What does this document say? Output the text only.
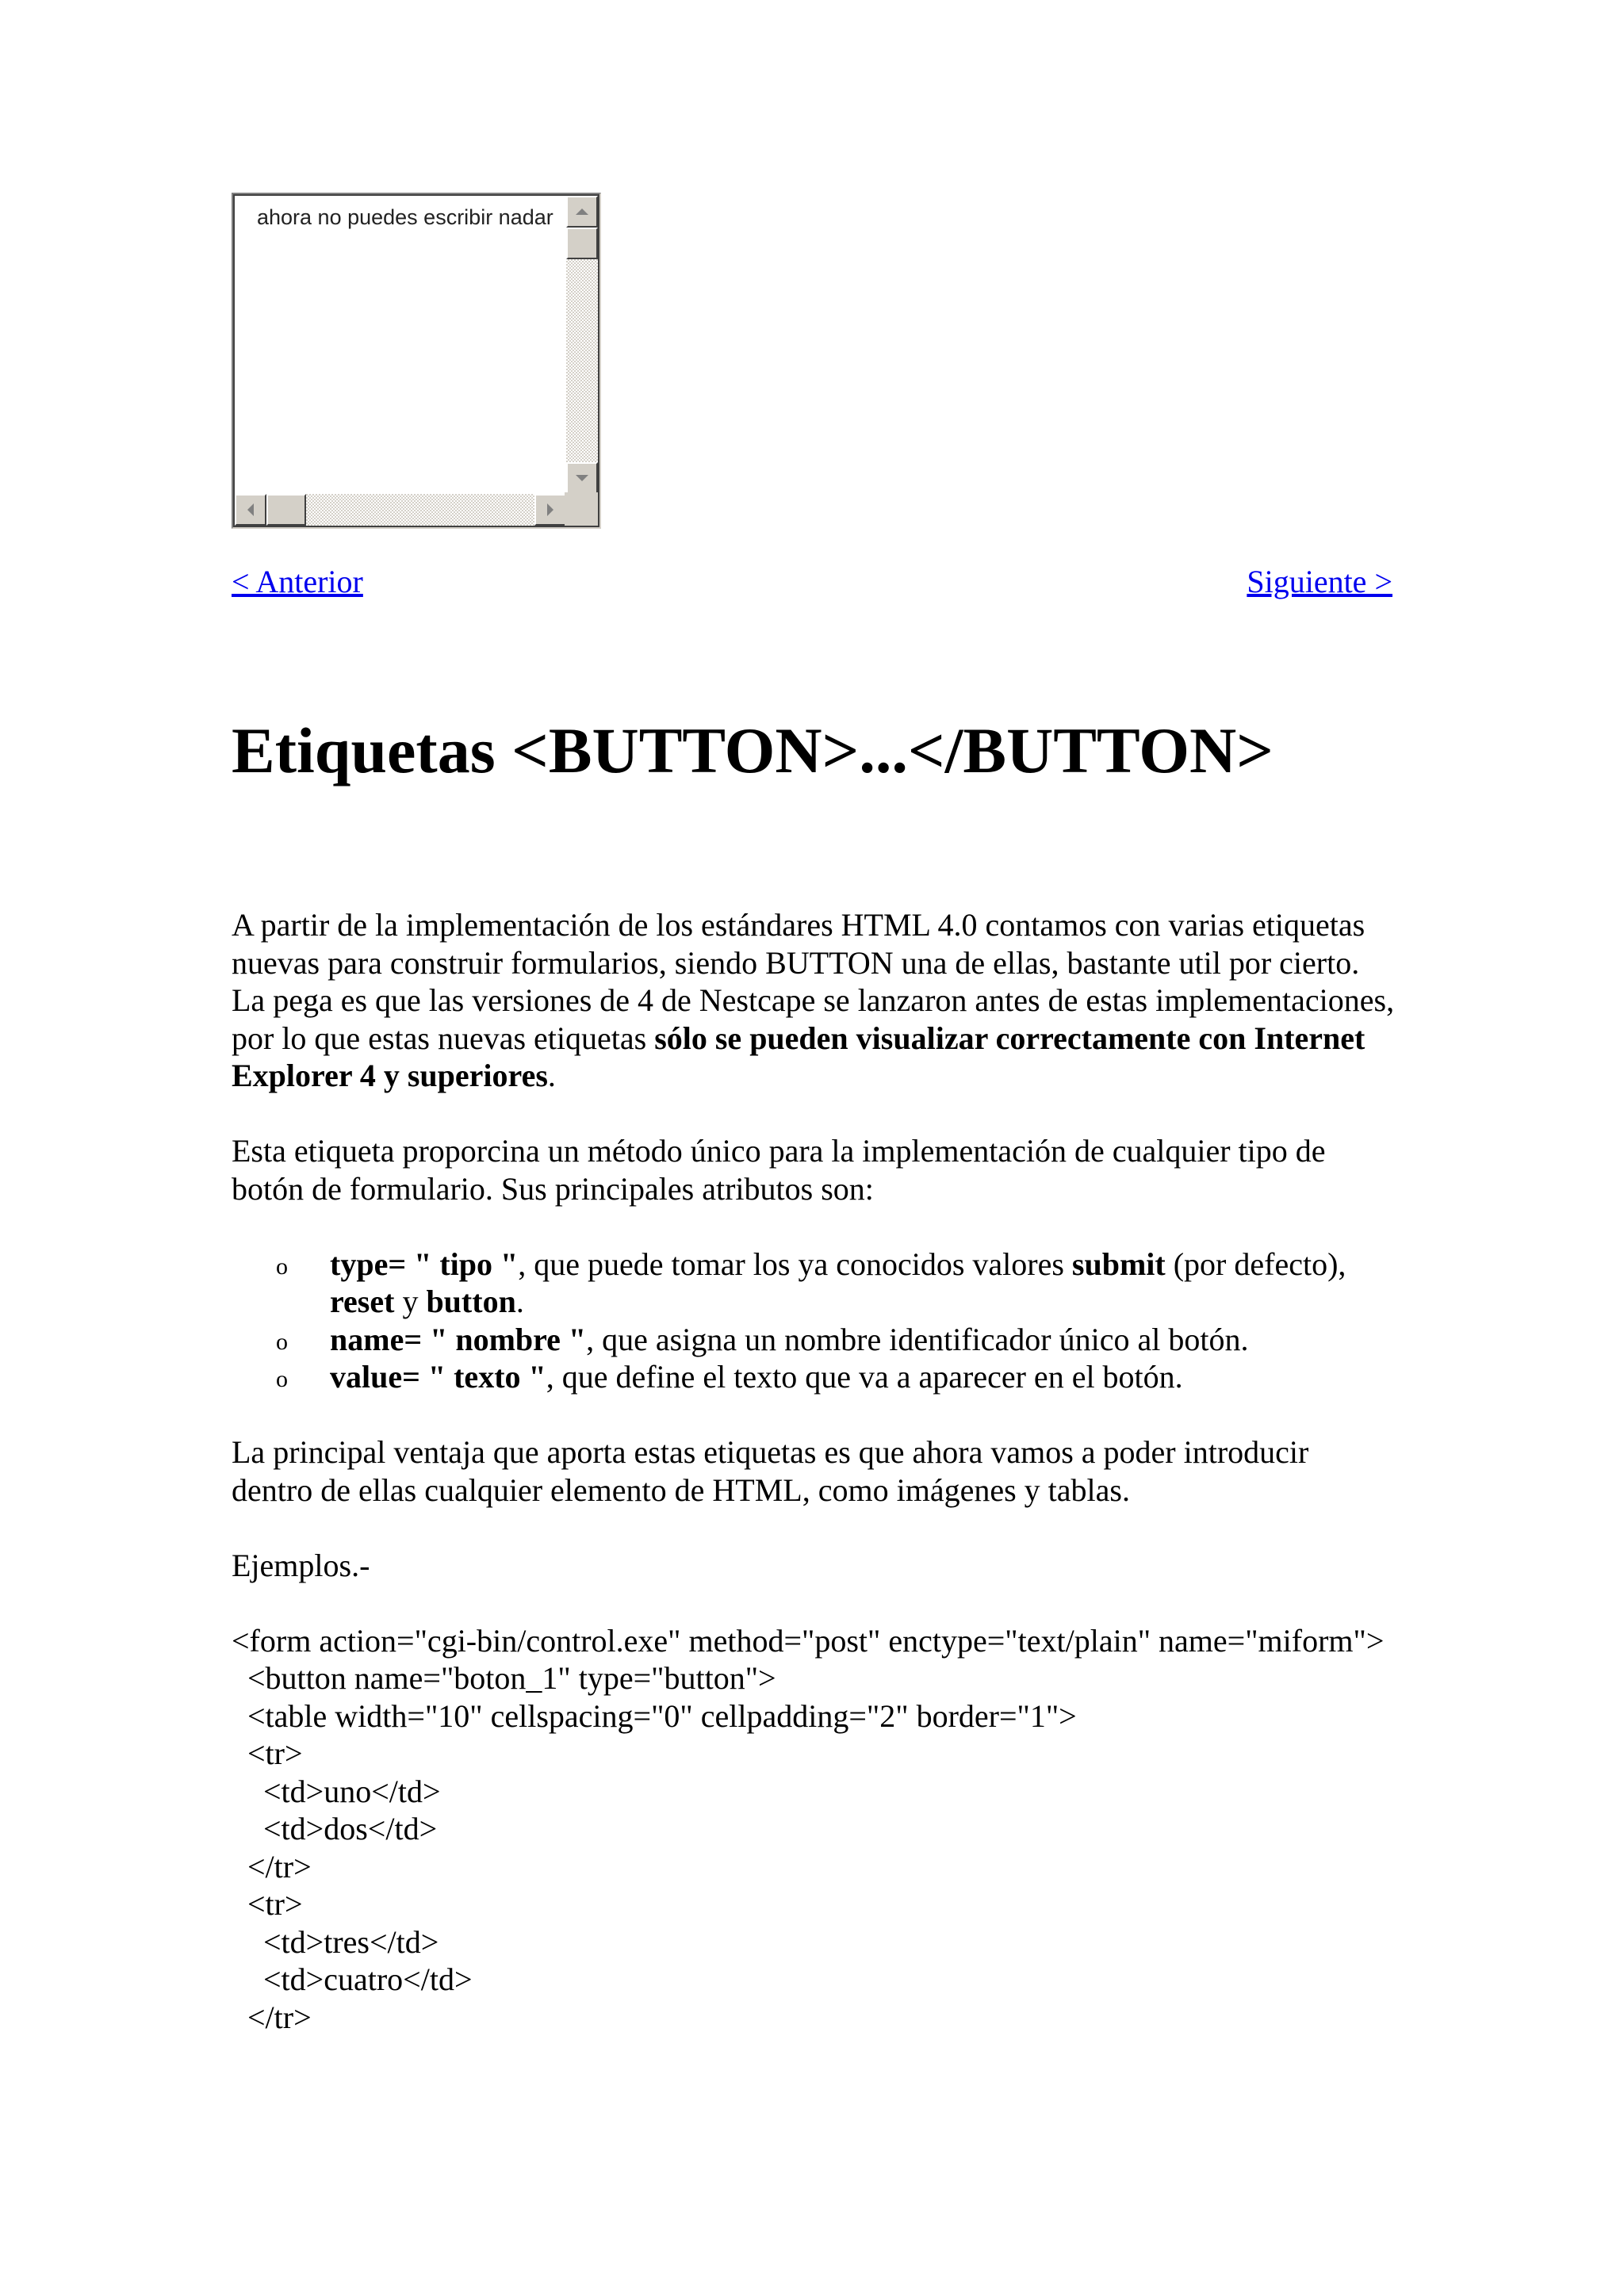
ahora no puedes escribir nadar
< Anterior	Siguiente >
Etiquetas <BUTTON>...</BUTTON>

A partir de la implementación de los estándares HTML 4.0 contamos con varias etiquetas nuevas para construir formularios, siendo BUTTON una de ellas, bastante util por cierto. La pega es que las versiones de 4 de Nestcape se lanzaron antes de estas implementaciones, por lo que estas nuevas etiquetas sólo se pueden visualizar correctamente con Internet Explorer 4 y superiores.

Esta etiqueta proporcina un método único para la implementación de cualquier tipo de botón de formulario. Sus principales atributos son:

o type= " tipo ", que puede tomar los ya conocidos valores submit (por defecto), reset y button.
o name= " nombre ", que asigna un nombre identificador único al botón.
o value= " texto ", que define el texto que va a aparecer en el botón.

La principal ventaja que aporta estas etiquetas es que ahora vamos a poder introducir dentro de ellas cualquier elemento de HTML, como imágenes y tablas.

Ejemplos.-

<form action="cgi-bin/control.exe" method="post" enctype="text/plain" name="miform">
<button name="boton_1" type="button">
<table width="10" cellspacing="0" cellpadding="2" border="1">
<tr>
<td>uno</td>
<td>dos</td>
</tr>
<tr>
<td>tres</td>
<td>cuatro</td>
</tr>
